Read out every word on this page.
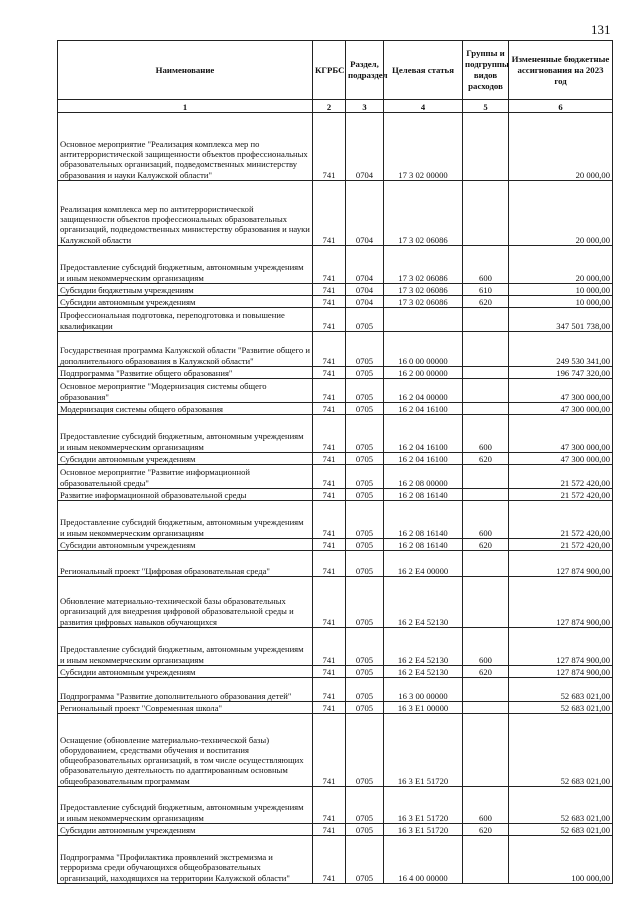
131
Наименование	КГРБС	Раздел, подраздел	Целевая статья	Группы и подгруппы видов расходов	Измененные бюджетные ассигнования на 2023 год
1	2	3	4	5	6
Основное мероприятие "Реализация комплекса мер по антитеррористической защищенности объектов профессиональных образовательных организаций, подведомственных министерству образования и науки Калужской области"	741	0704	17 3 02 00000		20 000,00
Реализация комплекса мер по антитеррористической защищенности объектов профессиональных образовательных организаций, подведомственных министерству образования и науки Калужской области	741	0704	17 3 02 06086		20 000,00
Предоставление субсидий бюджетным, автономным учреждениям и иным некоммерческим организациям	741	0704	17 3 02 06086	600	20 000,00
Субсидии бюджетным учреждениям	741	0704	17 3 02 06086	610	10 000,00
Субсидии автономным учреждениям	741	0704	17 3 02 06086	620	10 000,00
Профессиональная подготовка, переподготовка и повышение квалификации	741	0705			347 501 738,00
Государственная программа Калужской области "Развитие общего и дополнительного образования в Калужской области"	741	0705	16 0 00 00000		249 530 341,00
Подпрограмма "Развитие общего образования"	741	0705	16 2 00 00000		196 747 320,00
Основное мероприятие "Модернизация системы общего образования"	741	0705	16 2 04 00000		47 300 000,00
Модернизация системы общего образования	741	0705	16 2 04 16100		47 300 000,00
Предоставление субсидий бюджетным, автономным учреждениям и иным некоммерческим организациям	741	0705	16 2 04 16100	600	47 300 000,00
Субсидии автономным учреждениям	741	0705	16 2 04 16100	620	47 300 000,00
Основное мероприятие "Развитие информационной образовательной среды"	741	0705	16 2 08 00000		21 572 420,00
Развитие информационной образовательной среды	741	0705	16 2 08 16140		21 572 420,00
Предоставление субсидий бюджетным, автономным учреждениям и иным некоммерческим организациям	741	0705	16 2 08 16140	600	21 572 420,00
Субсидии автономным учреждениям	741	0705	16 2 08 16140	620	21 572 420,00
Региональный проект "Цифровая образовательная среда"	741	0705	16 2 E4 00000		127 874 900,00
Обновление материально-технической базы образовательных организаций для внедрения цифровой образовательной среды и развития цифровых навыков обучающихся	741	0705	16 2 E4 52130		127 874 900,00
Предоставление субсидий бюджетным, автономным учреждениям и иным некоммерческим организациям	741	0705	16 2 E4 52130	600	127 874 900,00
Субсидии автономным учреждениям	741	0705	16 2 E4 52130	620	127 874 900,00
Подпрограмма "Развитие дополнительного образования детей"	741	0705	16 3 00 00000		52 683 021,00
Региональный проект "Современная школа"	741	0705	16 3 E1 00000		52 683 021,00
Оснащение (обновление материально-технической базы) оборудованием, средствами обучения и воспитания общеобразовательных организаций, в том числе осуществляющих образовательную деятельность по адаптированным основным общеобразовательным программам	741	0705	16 3 E1 51720		52 683 021,00
Предоставление субсидий бюджетным, автономным учреждениям и иным некоммерческим организациям	741	0705	16 3 E1 51720	600	52 683 021,00
Субсидии автономным учреждениям	741	0705	16 3 E1 51720	620	52 683 021,00
Подпрограмма "Профилактика проявлений экстремизма и терроризма среди обучающихся общеобразовательных организаций, находящихся на территории Калужской области"	741	0705	16 4 00 00000		100 000,00
